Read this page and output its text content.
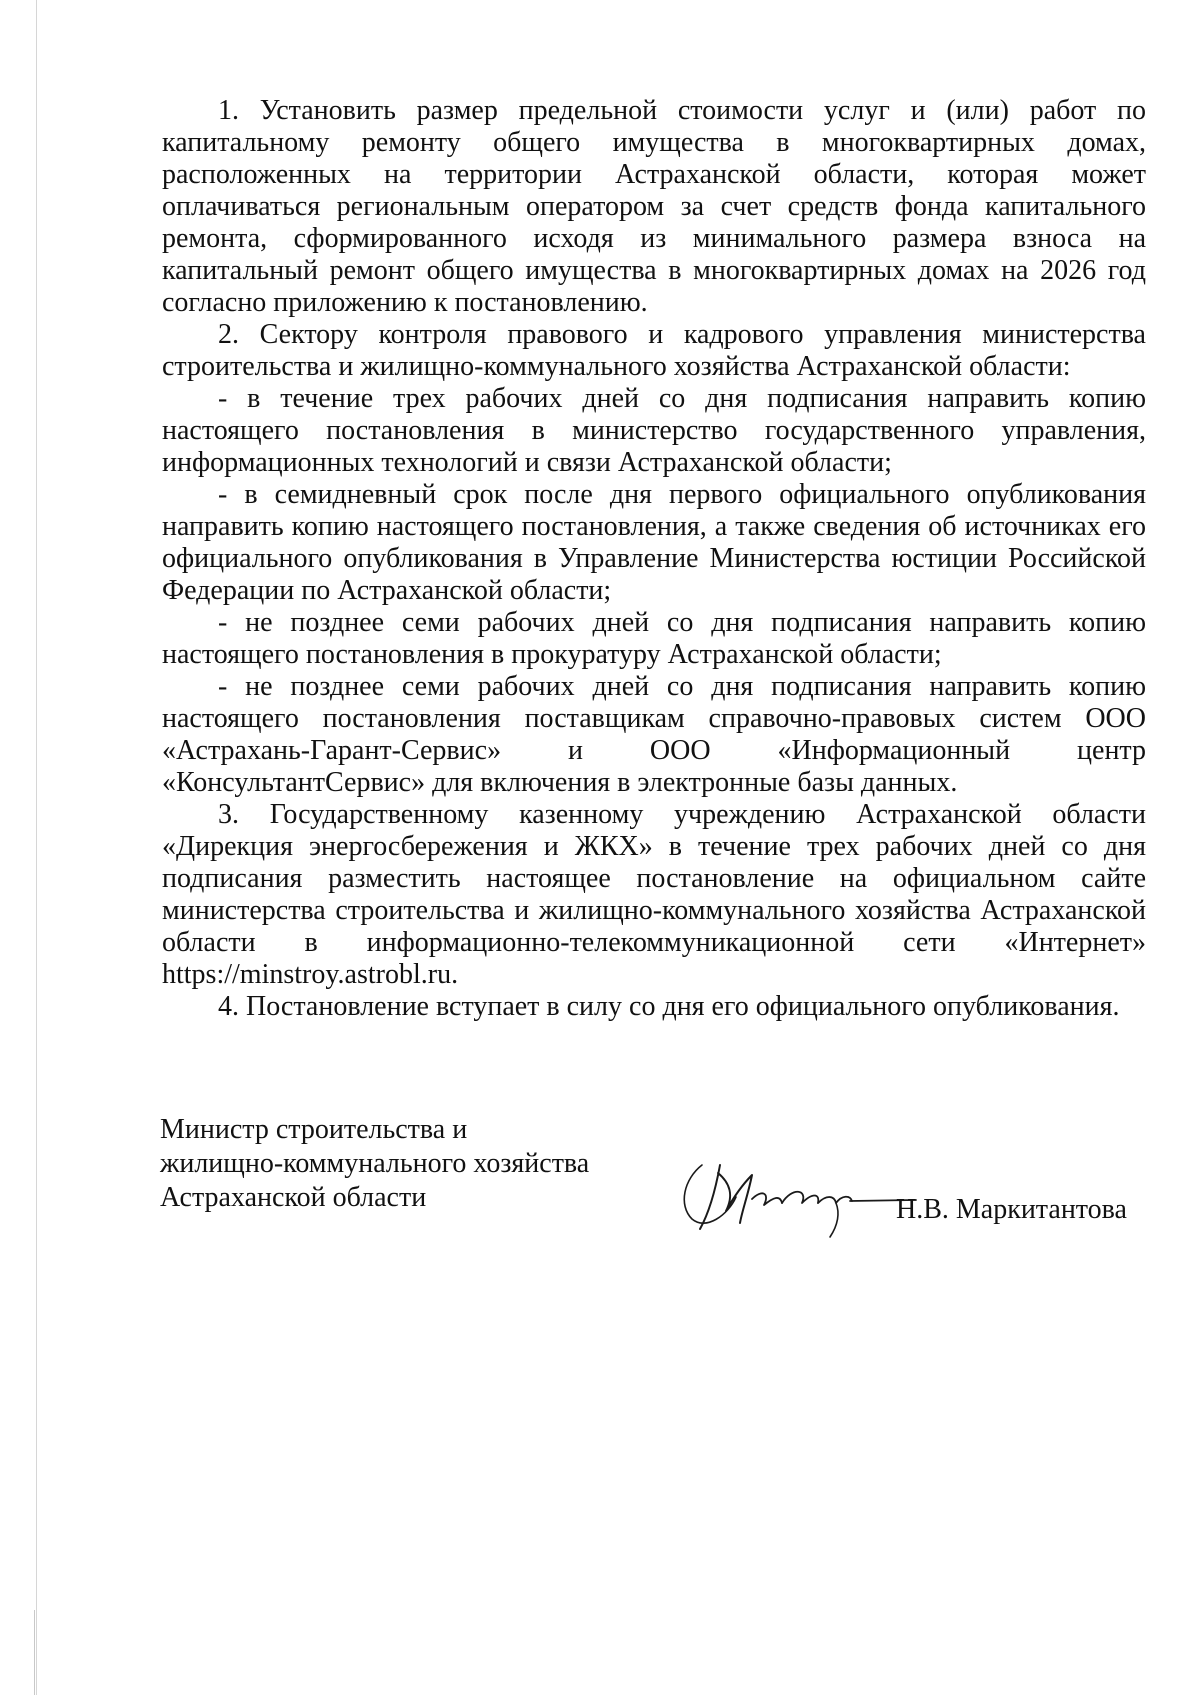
1. Установить размер предельной стоимости услуг и (или) работ по капитальному ремонту общего имущества в многоквартирных домах, расположенных на территории Астраханской области, которая может оплачиваться региональным оператором за счет средств фонда капитального ремонта, сформированного исходя из минимального размера взноса на капитальный ремонт общего имущества в многоквартирных домах на 2026 год согласно приложению к постановлению.

2. Сектору контроля правового и кадрового управления министерства строительства и жилищно-коммунального хозяйства Астраханской области:

- в течение трех рабочих дней со дня подписания направить копию настоящего постановления в министерство государственного управления, информационных технологий и связи Астраханской области;

- в семидневный срок после дня первого официального опубликования направить копию настоящего постановления, а также сведения об источниках его официального опубликования в Управление Министерства юстиции Российской Федерации по Астраханской области;

- не позднее семи рабочих дней со дня подписания направить копию настоящего постановления в прокуратуру Астраханской области;

- не позднее семи рабочих дней со дня подписания направить копию настоящего постановления поставщикам справочно-правовых систем ООО «Астрахань-Гарант-Сервис» и ООО «Информационный центр «КонсультантСервис» для включения в электронные базы данных.

3. Государственному казенному учреждению Астраханской области «Дирекция энергосбережения и ЖКХ» в течение трех рабочих дней со дня подписания разместить настоящее постановление на официальном сайте министерства строительства и жилищно-коммунального хозяйства Астраханской области в информационно-телекоммуникационной сети «Интернет» https://minstroy.astrobl.ru.

4. Постановление вступает в силу со дня его официального опубликования.

Министр строительства и
жилищно-коммунального хозяйства
Астраханской области	Н.В. Маркитантова
